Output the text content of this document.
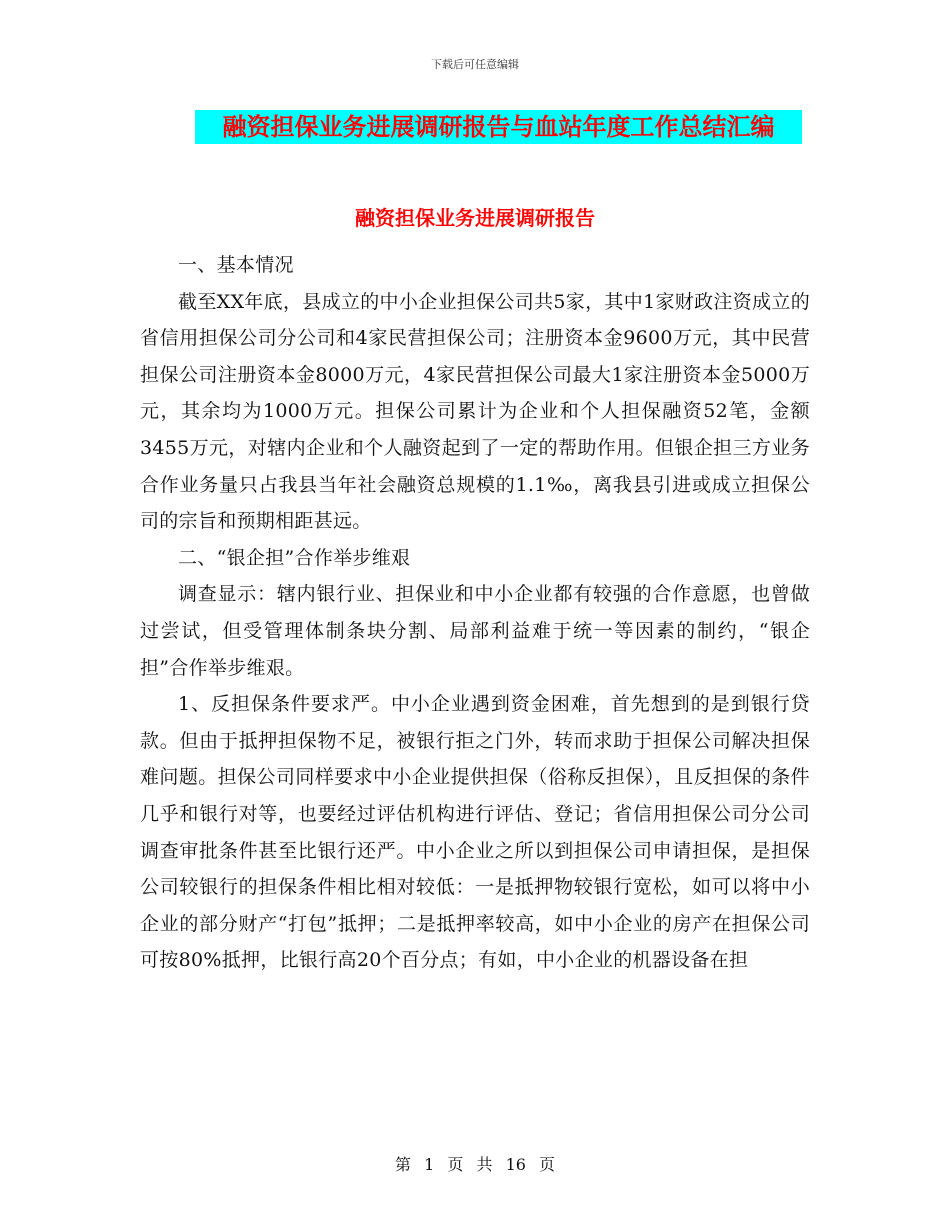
下载后可任意编辑
融资担保业务进展调研报告与血站年度工作总结汇编
融资担保业务进展调研报告

一、基本情况

截至XX年底，县成立的中小企业担保公司共5家，其中1家财政注资成立的省信用担保公司分公司和4家民营担保公司；注册资本金9600万元，其中民营担保公司注册资本金8000万元，4家民营担保公司最大1家注册资本金5000万元，其余均为1000万元。担保公司累计为企业和个人担保融资52笔，金额3455万元，对辖内企业和个人融资起到了一定的帮助作用。但银企担三方业务合作业务量只占我县当年社会融资总规模的1.1‰，离我县引进或成立担保公司的宗旨和预期相距甚远。

二、“银企担”合作举步维艰

调查显示：辖内银行业、担保业和中小企业都有较强的合作意愿，也曾做过尝试，但受管理体制条块分割、局部利益难于统一等因素的制约，“银企担”合作举步维艰。

1、反担保条件要求严。中小企业遇到资金困难，首先想到的是到银行贷款。但由于抵押担保物不足，被银行拒之门外，转而求助于担保公司解决担保难问题。担保公司同样要求中小企业提供担保（俗称反担保），且反担保的条件几乎和银行对等，也要经过评估机构进行评估、登记；省信用担保公司分公司调查审批条件甚至比银行还严。中小企业之所以到担保公司申请担保，是担保公司较银行的担保条件相比相对较低：一是抵押物较银行宽松，如可以将中小企业的部分财产“打包”抵押；二是抵押率较高，如中小企业的房产在担保公司可按80%抵押，比银行高20个百分点；有如，中小企业的机器设备在担

第 1 页 共 16 页
